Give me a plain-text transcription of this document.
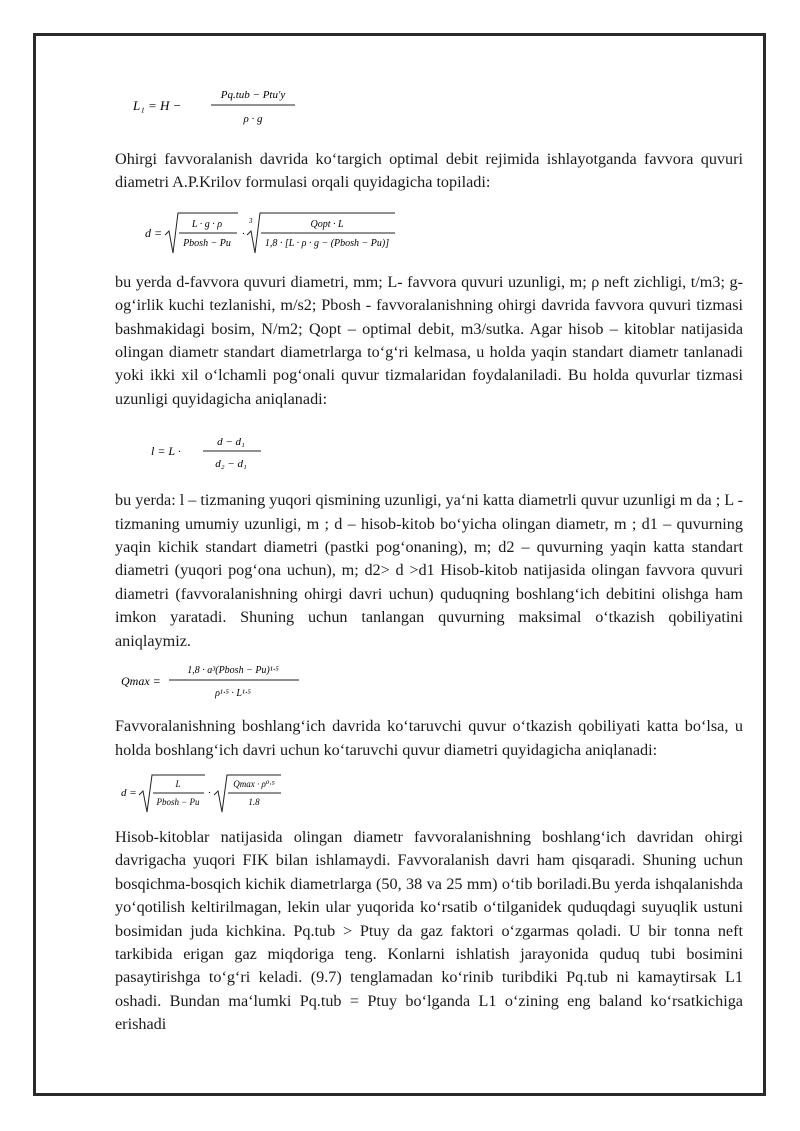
L₁ = H −
Pq.tub − Ptu'y
ρ · g

Ohirgi favvoralanish davrida ko‘targich optimal debit rejimida ishlayotganda favvora quvuri diametri A.P.Krilov formulasi orqali quyidagicha topiladi:

d =
L · g · ρ
Pbosh − Pu
·
3	Qopt · L
1,8 · [L · ρ · g − (Pbosh − Pu)]

bu yerda d-favvora quvuri diametri, mm; L- favvora quvuri uzunligi, m; ρ neft zichligi, t/m3; g-og‘irlik kuchi tezlanishi, m/s2; Pbosh - favvoralanishning ohirgi davrida favvora quvuri tizmasi bashmakidagi bosim, N/m2; Qopt – optimal debit, m3/sutka. Agar hisob – kitoblar natijasida olingan diametr standart diametrlarga to‘g‘ri kelmasa, u holda yaqin standart diametr tanlanadi yoki ikki xil o‘lchamli pog‘onali quvur tizmalaridan foydalaniladi. Bu holda quvurlar tizmasi uzunligi quyidagicha aniqlanadi:

l = L ·
d − d₁
d₂ − d₁

bu yerda: l – tizmaning yuqori qismining uzunligi, ya‘ni katta diametrli quvur uzunligi m da ; L - tizmaning umumiy uzunligi, m ; d – hisob-kitob bo‘yicha olingan diametr, m ; d1 – quvurning yaqin kichik standart diametri (pastki pog‘onaning), m; d2 – quvurning yaqin katta standart diametri (yuqori pog‘ona uchun), m; d2> d >d1 Hisob-kitob natijasida olingan favvora quvuri diametri (favvoralanishning ohirgi davri uchun) quduqning boshlang‘ich debitini olishga ham imkon yaratadi. Shuning uchun tanlangan quvurning maksimal o‘tkazish qobiliyatini aniqlaymiz.

Qmax =
1,8 · a³(Pbosh − Pu)¹·⁵
ρ¹·⁵ · L¹·⁵

Favvoralanishning boshlang‘ich davrida ko‘taruvchi quvur o‘tkazish qobiliyati katta bo‘lsa, u holda boshlang‘ich davri uchun ko‘taruvchi quvur diametri quyidagicha aniqlanadi:

d =
L
Pbosh − Pu
·
Qmax · ρ⁰·⁵
1.8

Hisob-kitoblar natijasida olingan diametr favvoralanishning boshlang‘ich davridan ohirgi davrigacha yuqori FIK bilan ishlamaydi. Favvoralanish davri ham qisqaradi. Shuning uchun bosqichma-bosqich kichik diametrlarga (50, 38 va 25 mm) o‘tib boriladi.Bu yerda ishqalanishda yo‘qotilish keltirilmagan, lekin ular yuqorida ko‘rsatib o‘tilganidek quduqdagi suyuqlik ustuni bosimidan juda kichkina. Pq.tub > Ptuy da gaz faktori o‘zgarmas qoladi. U bir tonna neft tarkibida erigan gaz miqdoriga teng. Konlarni ishlatish jarayonida quduq tubi bosimini pasaytirishga to‘g‘ri keladi. (9.7) tenglamadan ko‘rinib turibdiki Pq.tub ni kamaytirsak L1 oshadi. Bundan ma‘lumki Pq.tub = Ptuy bo‘lganda L1 o‘zining eng baland ko‘rsatkichiga erishadi
